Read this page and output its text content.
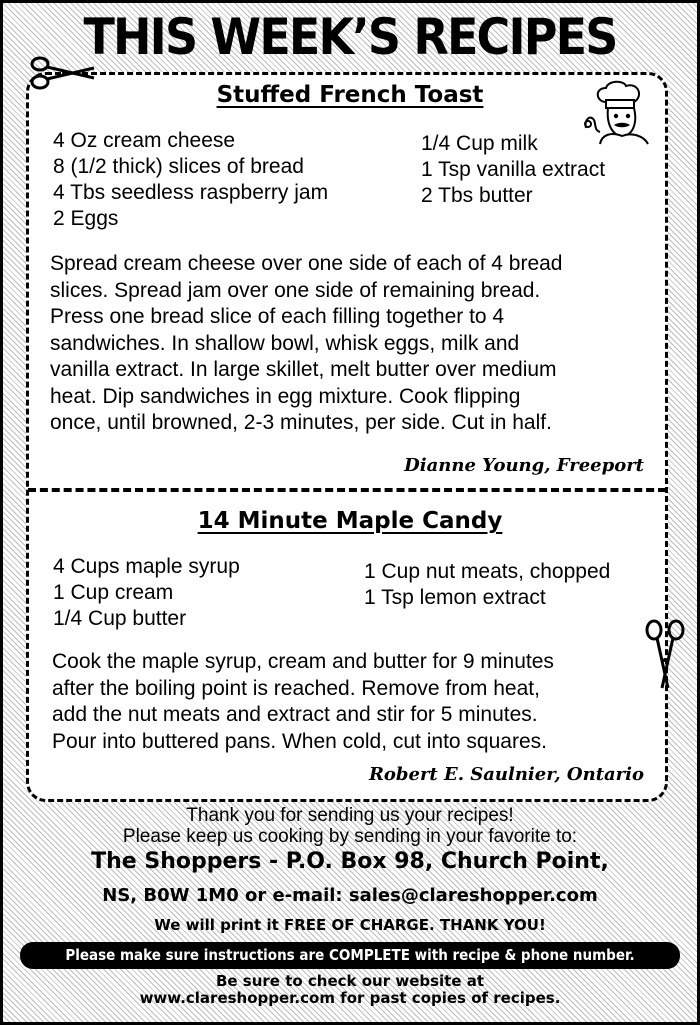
THIS WEEK’S RECIPES
Stuffed French Toast
4 Oz cream cheese
8 (1/2 thick) slices of bread
4 Tbs seedless raspberry jam
2 Eggs
1/4 Cup milk
1 Tsp vanilla extract
2 Tbs butter
Spread cream cheese over one side of each of 4 bread
slices. Spread jam over one side of remaining bread.
Press one bread slice of each filling together to 4
sandwiches. In shallow bowl, whisk eggs, milk and
vanilla extract. In large skillet, melt butter over medium
heat. Dip sandwiches in egg mixture. Cook flipping
once, until browned, 2-3 minutes, per side. Cut in half.
Dianne Young, Freeport
14 Minute Maple Candy
4 Cups maple syrup
1 Cup cream
1/4 Cup butter
1 Cup nut meats, chopped
1 Tsp lemon extract
Cook the maple syrup, cream and butter for 9 minutes
after the boiling point is reached. Remove from heat,
add the nut meats and extract and stir for 5 minutes.
Pour into buttered pans. When cold, cut into squares.
Robert E. Saulnier, Ontario
Thank you for sending us your recipes!
Please keep us cooking by sending in your favorite to:
The Shoppers - P.O. Box 98, Church Point,
NS, B0W 1M0 or e-mail: sales@clareshopper.com
We will print it FREE OF CHARGE. THANK YOU!
Please make sure instructions are COMPLETE with recipe & phone number.
Be sure to check our website at
www.clareshopper.com for past copies of recipes.
